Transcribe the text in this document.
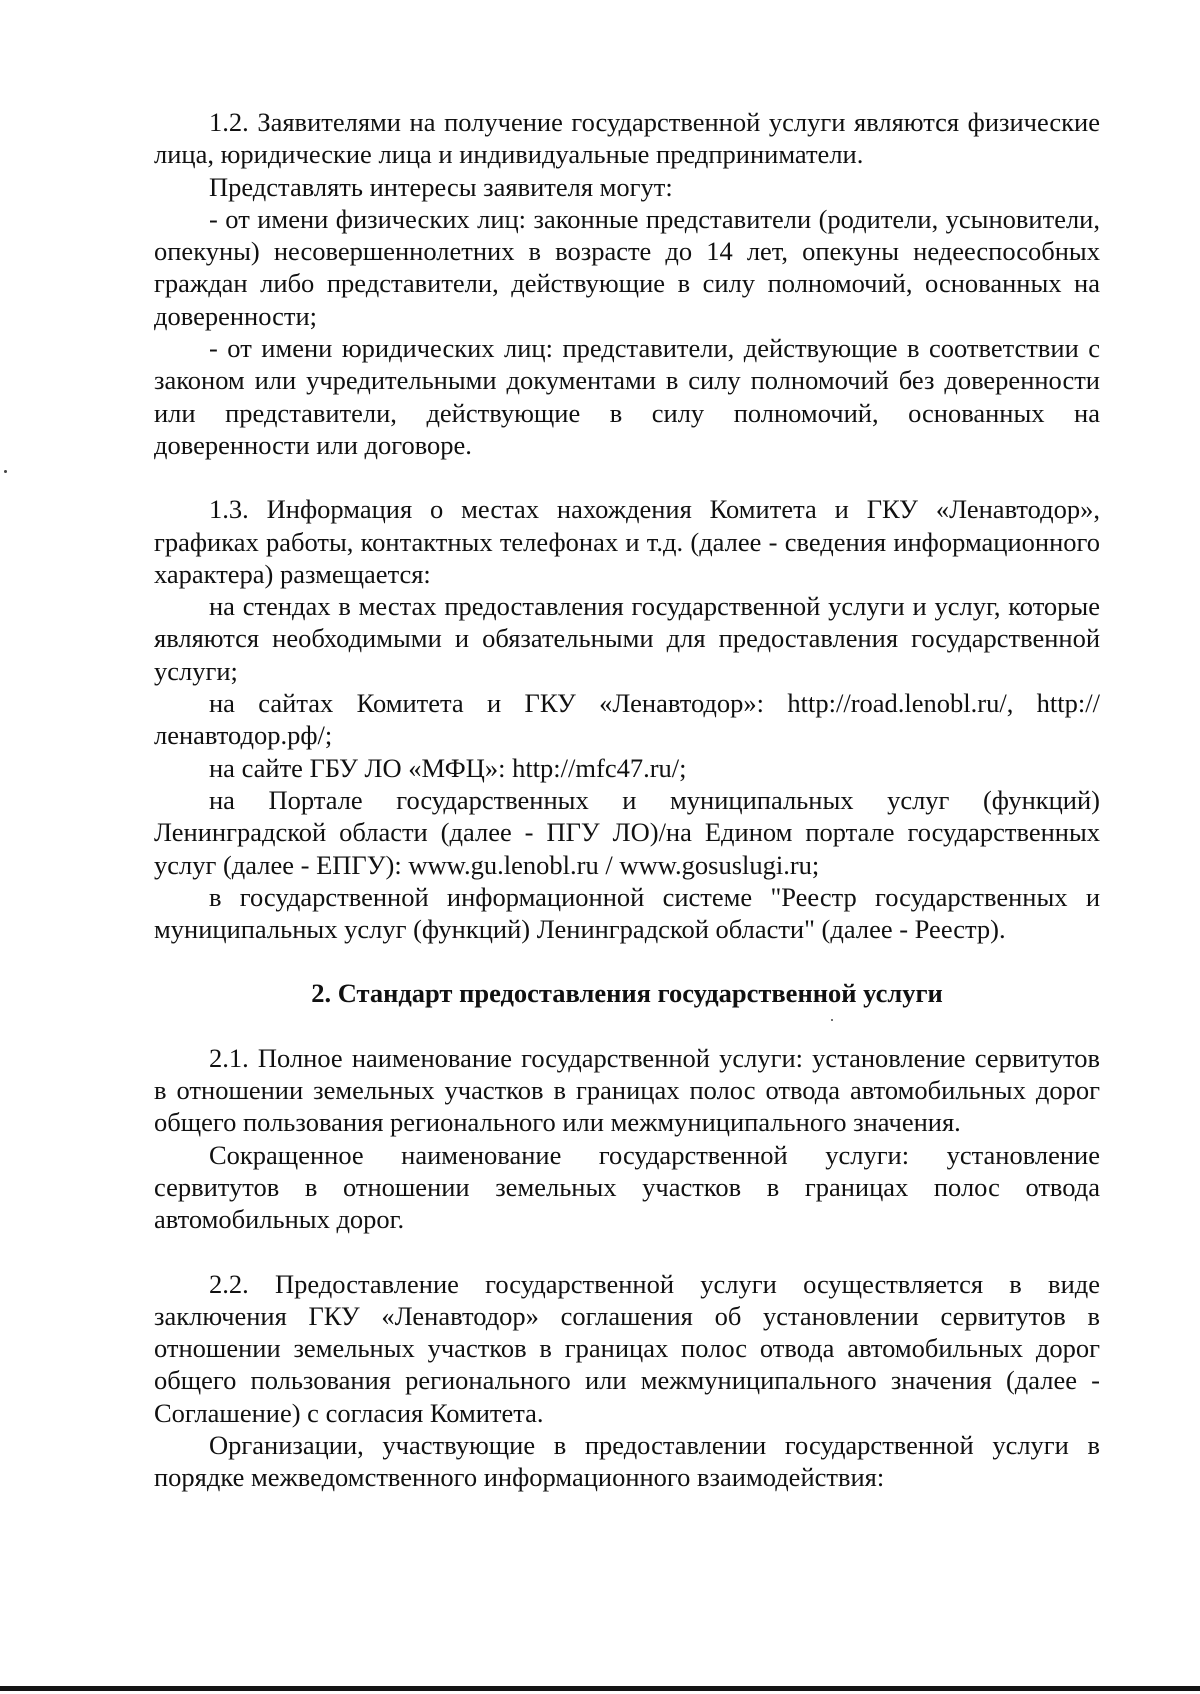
1.2. Заявителями на получение государственной услуги являются физические лица, юридические лица и индивидуальные предприниматели.

Представлять интересы заявителя могут:

- от имени физических лиц: законные представители (родители, усыновители, опекуны) несовершеннолетних в возрасте до 14 лет, опекуны недееспособных граждан либо представители, действующие в силу полномочий, основанных на доверенности;

- от имени юридических лиц: представители, действующие в соответствии с законом или учредительными документами в силу полномочий без доверенности или представители, действующие в силу полномочий, основанных на доверенности или договоре.

1.3. Информация о местах нахождения Комитета и ГКУ «Ленавтодор», графиках работы, контактных телефонах и т.д. (далее - сведения информационного характера) размещается:

на стендах в местах предоставления государственной услуги и услуг, которые являются необходимыми и обязательными для предоставления государственной услуги;

на сайтах Комитета и ГКУ «Ленавтодор»: http://road.lenobl.ru/, http://ленавтодор.рф/;

на сайте ГБУ ЛО «МФЦ»: http://mfc47.ru/;

на Портале государственных и муниципальных услуг (функций) Ленинградской области (далее - ПГУ ЛО)/на Едином портале государственных услуг (далее - ЕПГУ): www.gu.lenobl.ru / www.gosuslugi.ru;

в государственной информационной системе "Реестр государственных и муниципальных услуг (функций) Ленинградской области" (далее - Реестр).

2. Стандарт предоставления государственной услуги

2.1. Полное наименование государственной услуги: установление сервитутов в отношении земельных участков в границах полос отвода автомобильных дорог общего пользования регионального или межмуниципального значения.

Сокращенное наименование государственной услуги: установление сервитутов в отношении земельных участков в границах полос отвода автомобильных дорог.

2.2. Предоставление государственной услуги осуществляется в виде заключения ГКУ «Ленавтодор» соглашения об установлении сервитутов в отношении земельных участков в границах полос отвода автомобильных дорог общего пользования регионального или межмуниципального значения (далее - Соглашение) с согласия Комитета.

Организации, участвующие в предоставлении государственной услуги в порядке межведомственного информационного взаимодействия:
